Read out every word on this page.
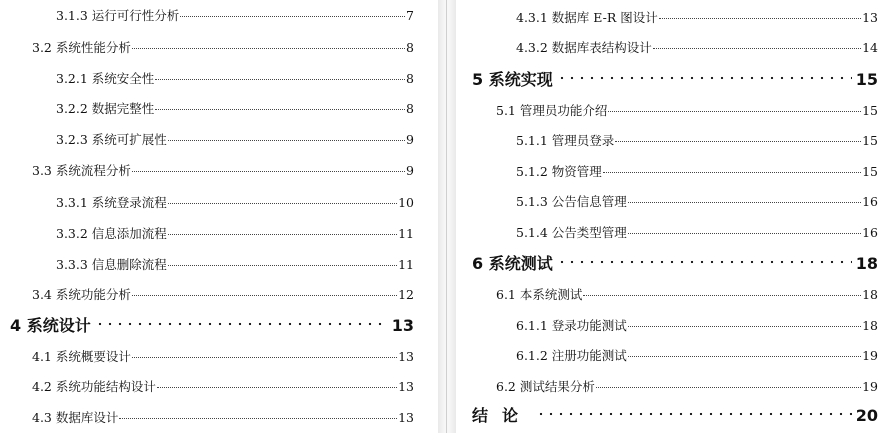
3.1.3 运行可行性分析	7
3.2 系统性能分析	8
3.2.1 系统安全性	8
3.2.2 数据完整性	8
3.2.3 系统可扩展性	9
3.3 系统流程分析	9
3.3.1 系统登录流程	10
3.3.2 信息添加流程	11
3.3.3 信息删除流程	11
3.4 系统功能分析	12
4 系统设计	13
4.1 系统概要设计	13
4.2 系统功能结构设计	13
4.3 数据库设计	13
4.3.1 数据库 E-R 图设计	13
4.3.2 数据库表结构设计	14
5 系统实现	15
5.1 管理员功能介绍	15
5.1.1 管理员登录	15
5.1.2 物资管理	15
5.1.3 公告信息管理	16
5.1.4 公告类型管理	16
6 系统测试	18
6.1 本系统测试	18
6.1.1 登录功能测试	18
6.1.2 注册功能测试	19
6.2 测试结果分析	19
结论	20
